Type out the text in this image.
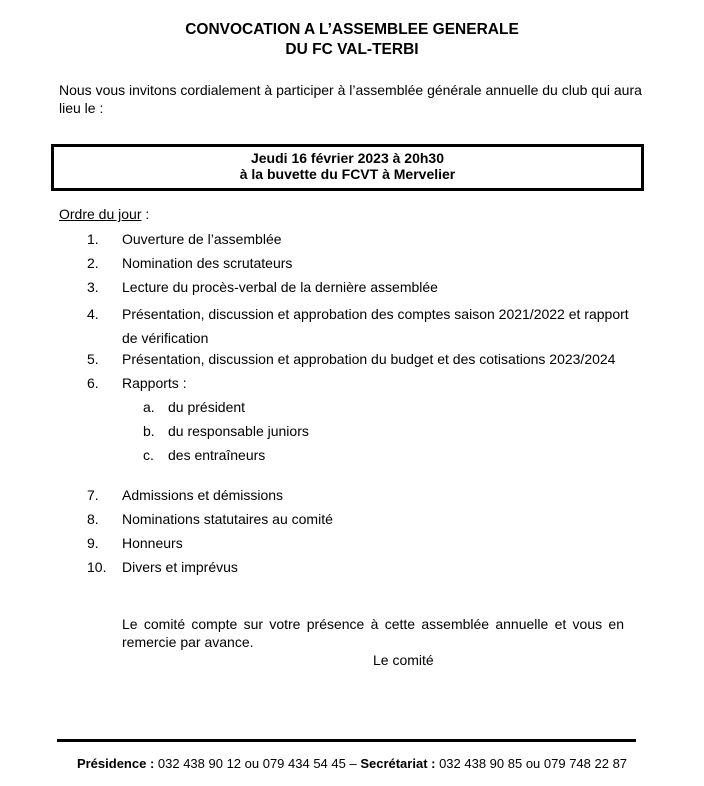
CONVOCATION A L’ASSEMBLEE GENERALE
DU FC VAL-TERBI
Nous vous invitons cordialement à participer à l’assemblée générale annuelle du club qui aura lieu le :
Jeudi 16 février 2023 à 20h30
à la buvette du FCVT à Mervelier
Ordre du jour :
1.	Ouverture de l’assemblée
2.	Nomination des scrutateurs
3.	Lecture du procès-verbal de la dernière assemblée
4.	Présentation, discussion et approbation des comptes saison 2021/2022 et rapport de vérification
5.	Présentation, discussion et approbation du budget et des cotisations 2023/2024
6.	Rapports :
a. du président
b. du responsable juniors
c.	des entraîneurs
7.	Admissions et démissions
8.	Nominations statutaires au comité
9.	Honneurs
10.	Divers et imprévus
Le comité compte sur votre présence à cette assemblée annuelle et vous en remercie par avance.
Le comité
Présidence : 032 438 90 12 ou 079 434 54 45 – Secrétariat : 032 438 90 85 ou 079 748 22 87
